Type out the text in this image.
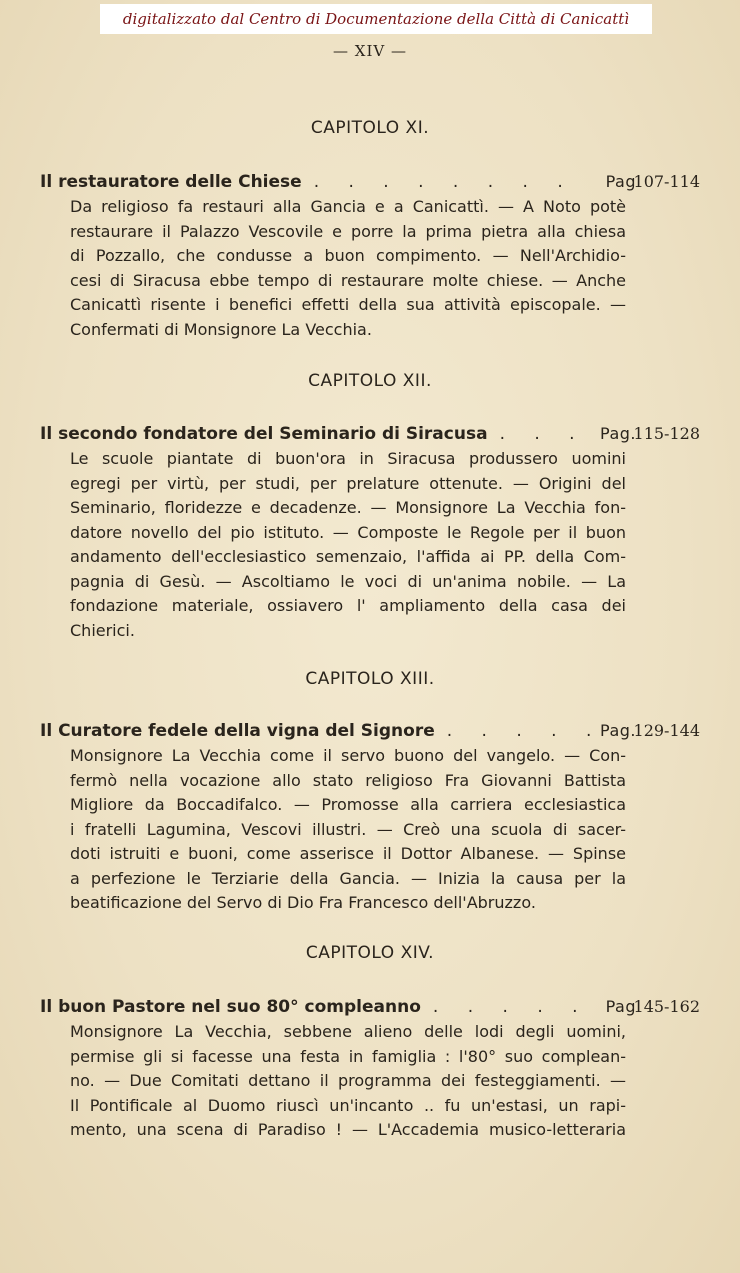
digitalizzato dal Centro di Documentazione della Città di Canicattì
— XIV —
CAPITOLO XI.
Il restauratore delle Chiese . . . . . . . . Pag
107-114
Da religioso fa restauri alla Gancia e a Canicattì. — A Noto potè
restaurare il Palazzo Vescovile e porre la prima pietra alla chiesa
di Pozzallo, che condusse a buon compimento. — Nell'Archidio-
cesi di Siracusa ebbe tempo di restaurare molte chiese. — Anche
Canicattì risente i benefici effetti della sua attività episcopale. —
Confermati di Monsignore La Vecchia.
CAPITOLO XII.
Il secondo fondatore del Seminario di Siracusa . . . Pag.
115-128
Le scuole piantate di buon'ora in Siracusa produssero uomini
egregi per virtù, per studi, per prelature ottenute. — Origini del
Seminario, floridezze e decadenze. — Monsignore La Vecchia fon-
datore novello del pio istituto. — Composte le Regole per il buon
andamento dell'ecclesiastico semenzaio, l'affida ai PP. della Com-
pagnia di Gesù. — Ascoltiamo le voci di un'anima nobile. — La
fondazione materiale, ossiavero l' ampliamento della casa dei
Chierici.
CAPITOLO XIII.
Il Curatore fedele della vigna del Signore . . . . .
Pag.
129-144
Monsignore La Vecchia come il servo buono del vangelo. — Con-
fermò nella vocazione allo stato religioso Fra Giovanni Battista
Migliore da Boccadifalco. — Promosse alla carriera ecclesiastica
i fratelli Lagumina, Vescovi illustri. — Creò una scuola di sacer-
doti istruiti e buoni, come asserisce il Dottor Albanese. — Spinse
a perfezione le Terziarie della Gancia. — Inizia la causa per la
beatificazione del Servo di Dio Fra Francesco dell'Abruzzo.
CAPITOLO XIV.
Il buon Pastore nel suo 80° compleanno . . . . . Pag
145-162
Monsignore La Vecchia, sebbene alieno delle lodi degli uomini,
permise gli si facesse una festa in famiglia : l'80° suo complean-
no. — Due Comitati dettano il programma dei festeggiamenti. —
Il Pontificale al Duomo riuscì un'incanto .. fu un'estasi, un rapi-
mento, una scena di Paradiso ! — L'Accademia musico-letteraria
